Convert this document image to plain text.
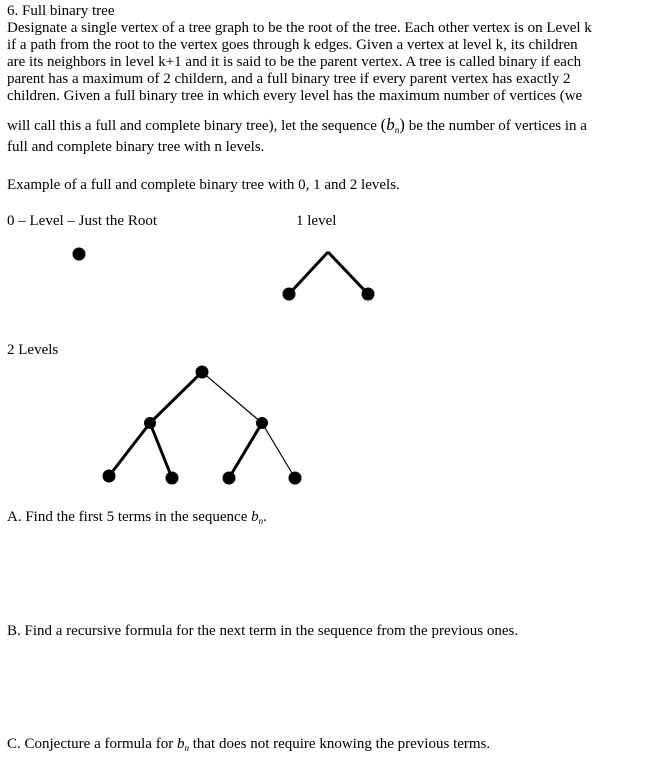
6. Full binary tree
Designate a single vertex of a tree graph to be the root of the tree. Each other vertex is on Level k
if a path from the root to the vertex goes through k edges. Given a vertex at level k, its children
are its neighbors in level k+1 and it is said to be the parent vertex. A tree is called binary if each
parent has a maximum of 2 childern, and a full binary tree if every parent vertex has exactly 2
children. Given a full binary tree in which every level has the maximum number of vertices (we
will call this a full and complete binary tree), let the sequence (bn) be the number of vertices in a
full and complete binary tree with n levels.
Example of a full and complete binary tree with 0, 1 and 2 levels.
0 – Level – Just the Root	1 level
2 Levels
A. Find the first 5 terms in the sequence $b_n$.
B. Find a recursive formula for the next term in the sequence from the previous ones.
C. Conjecture a formula for $b_n$ that does not require knowing the previous terms.
